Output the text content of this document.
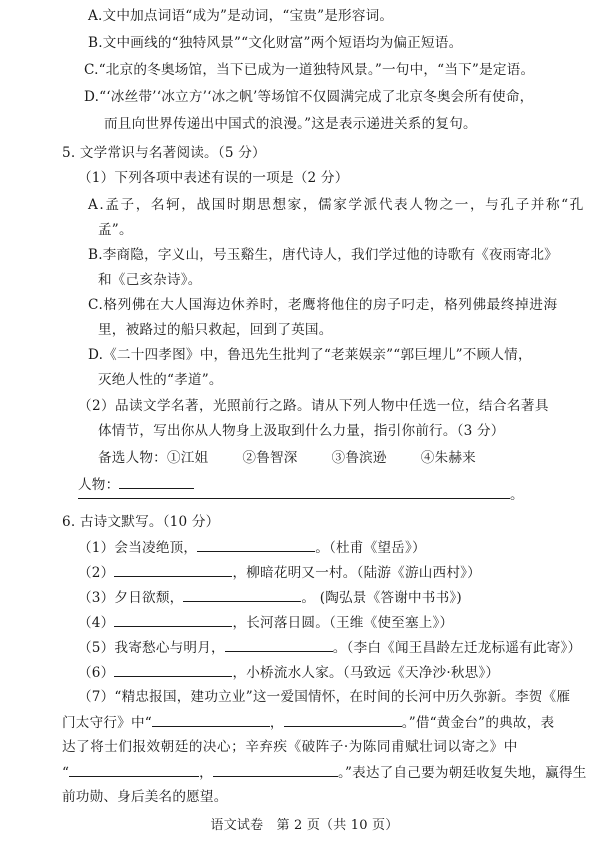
A.文中加点词语“成为”是动词，“宝贵”是形容词。
B.文中画线的“独特风景”“文化财富”两个短语均为偏正短语。
C.“北京的冬奥场馆，当下已成为一道独特风景。”一句中，“当下”是定语。
D.“‘冰丝带’‘冰立方’‘冰之帆’等场馆不仅圆满完成了北京冬奥会所有使命，
而且向世界传递出中国式的浪漫。”这是表示递进关系的复句。
5. 文学常识与名著阅读。（5 分）
（1）下列各项中表述有误的一项是（2 分）
A.孟子，名轲，战国时期思想家，儒家学派代表人物之一，与孔子并称“孔
孟”。
B.李商隐，字义山，号玉谿生，唐代诗人，我们学过他的诗歌有《夜雨寄北》
和《己亥杂诗》。
C.格列佛在大人国海边休养时，老鹰将他住的房子叼走，格列佛最终掉进海
里，被路过的船只救起，回到了英国。
D.《二十四孝图》中，鲁迅先生批判了“老莱娱亲”“郭巨埋儿”不顾人情，
灭绝人性的“孝道”。
（2）品读文学名著，光照前行之路。请从下列人物中任选一位，结合名著具
体情节，写出你从人物身上汲取到什么力量，指引你前行。（3 分）
备选人物：①江姐	②鲁智深	③鲁滨逊	④朱赫来
人物：
。
6. 古诗文默写。（10 分）
（1）会当凌绝顶，	。（杜甫《望岳》）
（2）	，柳暗花明又一村。（陆游《游山西村》）
（3）夕日欲颓，	。 (陶弘景《答谢中书书》)
（4）	，长河落日圆。（王维《使至塞上》）
（5）我寄愁心与明月，	。（李白《闻王昌龄左迁龙标遥有此寄》）
（6）	，小桥流水人家。（马致远《天净沙·秋思》）
（7）“精忠报国，建功立业”这一爱国情怀，在时间的长河中历久弥新。李贺《雁
门太守行》中“	，	。”借“黄金台”的典故，表
达了将士们报效朝廷的决心；辛弃疾《破阵子·为陈同甫赋壮词以寄之》中
“	，	。”表达了自己要为朝廷收复失地，赢得生
前功勋、身后美名的愿望。
语文试卷　第 2 页（共 10 页）
